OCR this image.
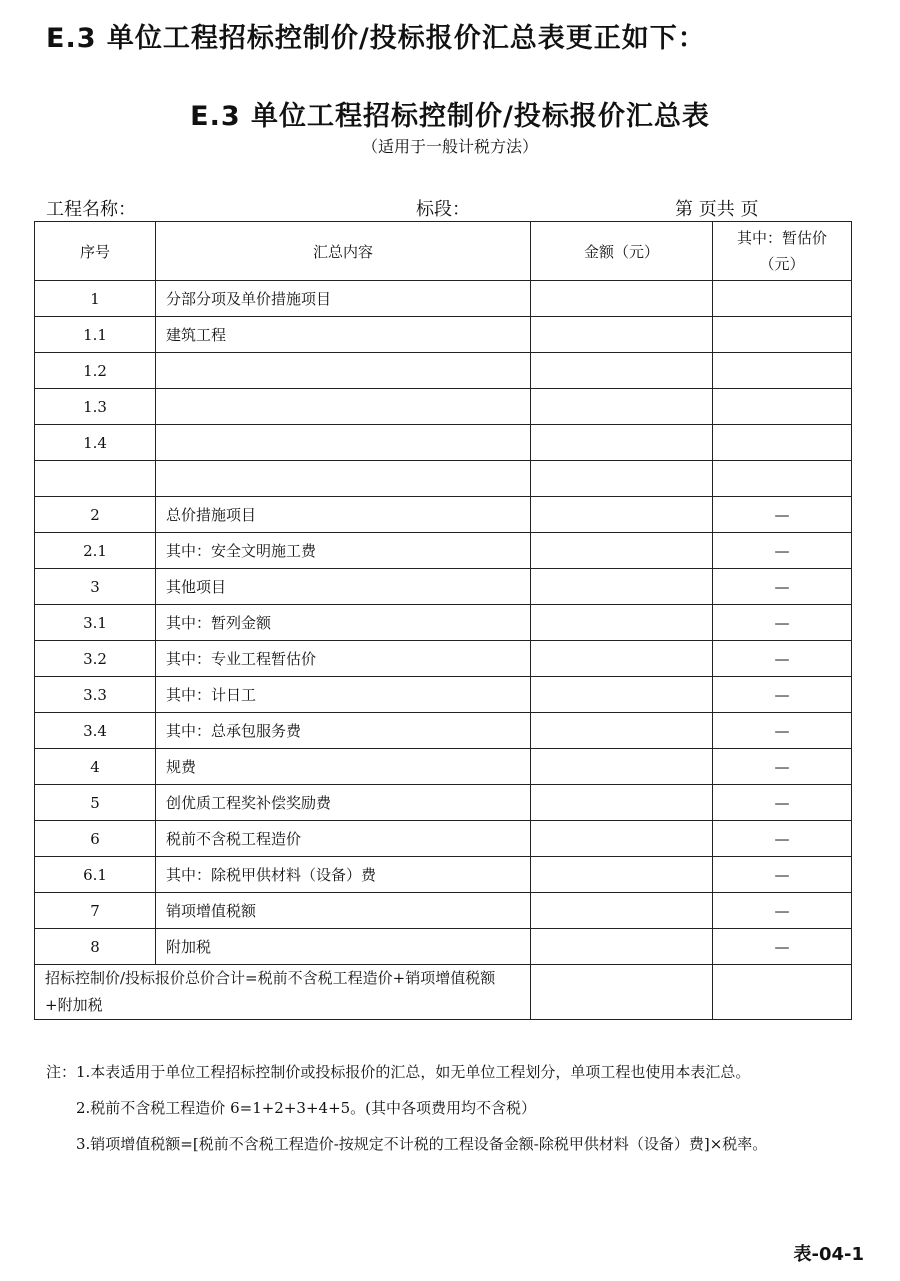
E.3 单位工程招标控制价/投标报价汇总表更正如下：
E.3 单位工程招标控制价/投标报价汇总表
（适用于一般计税方法）
工程名称：	标段：	第 页共 页
序号	汇总内容	金额（元）	其中：暂估价（元）
1	分部分项及单价措施项目		
1.1	建筑工程		
1.2			
1.3			
1.4			

2	总价措施项目		—
2.1	其中：安全文明施工费		—
3	其他项目		—
3.1	其中：暂列金额		—
3.2	其中：专业工程暂估价		—
3.3	其中：计日工		—
3.4	其中：总承包服务费		—
4	规费		—
5	创优质工程奖补偿奖励费		—
6	税前不含税工程造价		—
6.1	其中：除税甲供材料（设备）费		—
7	销项增值税额		—
8	附加税		—
招标控制价/投标报价总价合计=税前不含税工程造价+销项增值税额+附加税			

注：1.本表适用于单位工程招标控制价或投标报价的汇总，如无单位工程划分，单项工程也使用本表汇总。

2.税前不含税工程造价 6=1+2+3+4+5。(其中各项费用均不含税）

3.销项增值税额=[税前不含税工程造价-按规定不计税的工程设备金额-除税甲供材料（设备）费]×税率。

表-04-1
